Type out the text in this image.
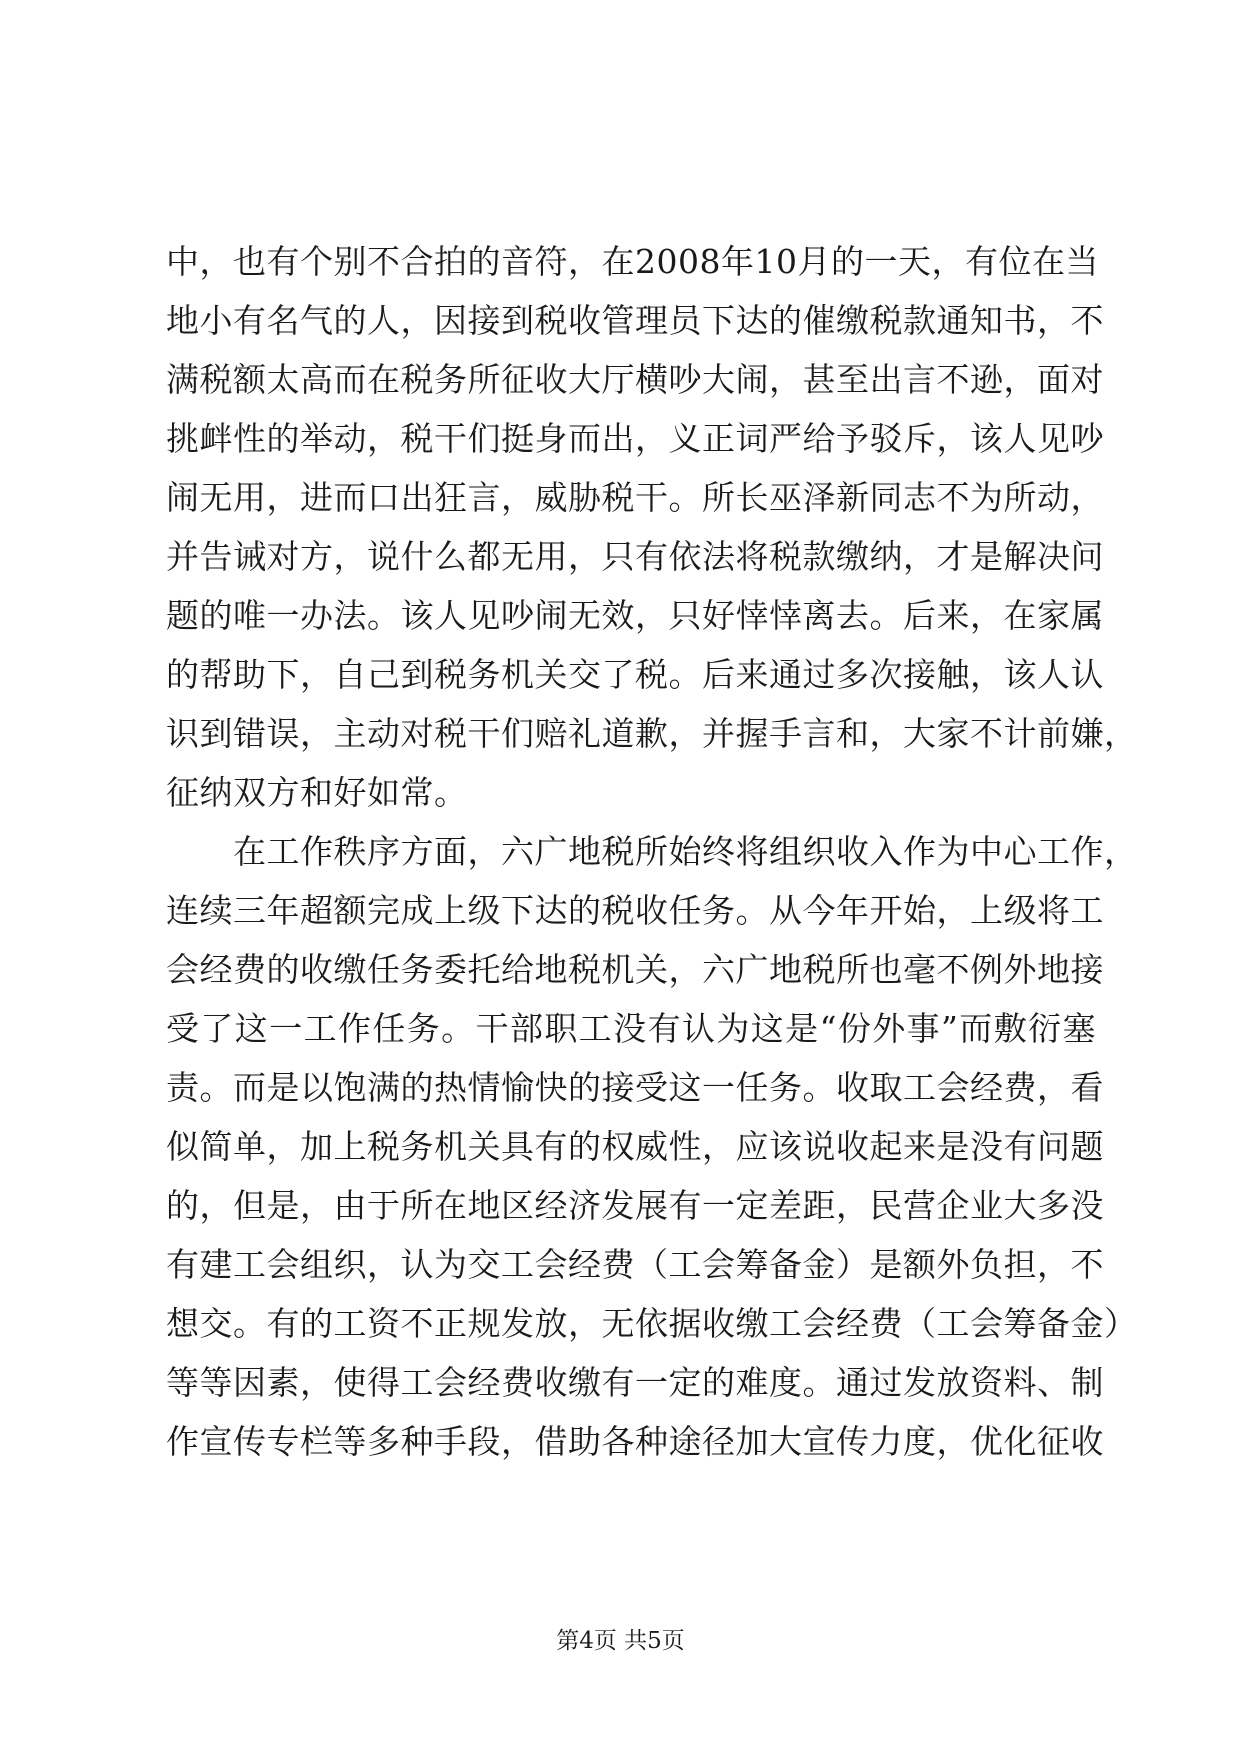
中，也有个别不合拍的音符，在2008年10月的一天，有位在当
地小有名气的人，因接到税收管理员下达的催缴税款通知书，不
满税额太高而在税务所征收大厅横吵大闹，甚至出言不逊，面对
挑衅性的举动，税干们挺身而出，义正词严给予驳斥，该人见吵
闹无用，进而口出狂言，威胁税干。所长巫泽新同志不为所动，
并告诫对方，说什么都无用，只有依法将税款缴纳，才是解决问
题的唯一办法。该人见吵闹无效，只好悻悻离去。后来，在家属
的帮助下，自己到税务机关交了税。后来通过多次接触，该人认
识到错误，主动对税干们赔礼道歉，并握手言和，大家不计前嫌，
征纳双方和好如常。
　　在工作秩序方面，六广地税所始终将组织收入作为中心工作，
连续三年超额完成上级下达的税收任务。从今年开始，上级将工
会经费的收缴任务委托给地税机关，六广地税所也毫不例外地接
受了这一工作任务。干部职工没有认为这是“份外事”而敷衍塞
责。而是以饱满的热情愉快的接受这一任务。收取工会经费，看
似简单，加上税务机关具有的权威性，应该说收起来是没有问题
的，但是，由于所在地区经济发展有一定差距，民营企业大多没
有建工会组织，认为交工会经费（工会筹备金）是额外负担，不
想交。有的工资不正规发放，无依据收缴工会经费（工会筹备金）
等等因素，使得工会经费收缴有一定的难度。通过发放资料、制
作宣传专栏等多种手段，借助各种途径加大宣传力度，优化征收
第4页 共5页
